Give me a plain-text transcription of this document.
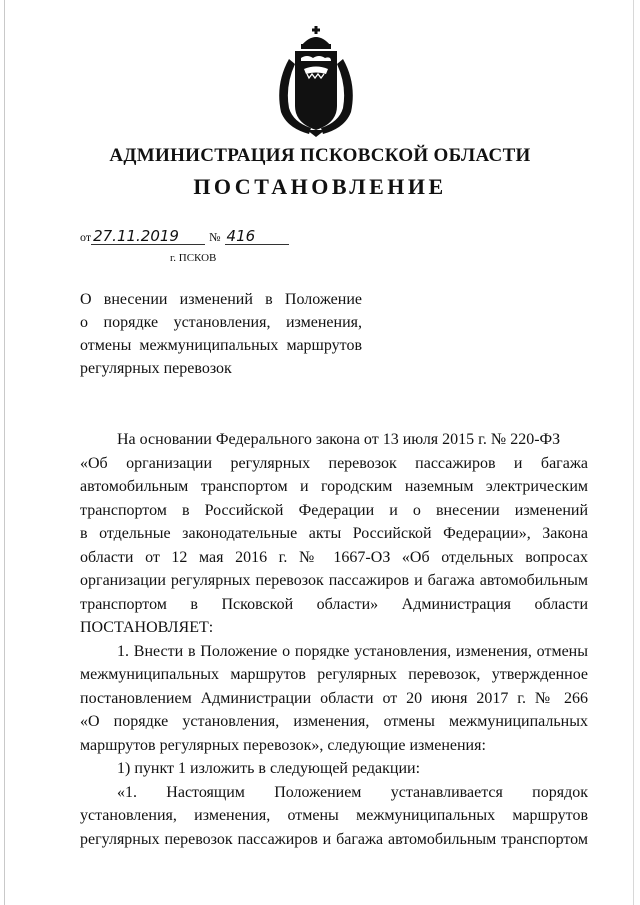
АДМИНИСТРАЦИЯ ПСКОВСКОЙ ОБЛАСТИ
ПОСТАНОВЛЕНИЕ
от 27.11.2019	№ 416
г. ПСКОВ
О внесении изменений в Положение
о порядке установления, изменения,
отмены межмуниципальных маршрутов
регулярных перевозок
На основании Федерального закона от 13 июля 2015 г. № 220-ФЗ
«Об организации регулярных перевозок пассажиров и багажа
автомобильным транспортом и городским наземным электрическим
транспортом в Российской Федерации и о внесении изменений
в отдельные законодательные акты Российской Федерации», Закона
области от 12 мая 2016 г. № 1667-ОЗ «Об отдельных вопросах
организации регулярных перевозок пассажиров и багажа автомобильным
транспортом в Псковской области» Администрация области
ПОСТАНОВЛЯЕТ:
1. Внести в Положение о порядке установления, изменения, отмены
межмуниципальных маршрутов регулярных перевозок, утвержденное
постановлением Администрации области от 20 июня 2017 г. № 266
«О порядке установления, изменения, отмены межмуниципальных
маршрутов регулярных перевозок», следующие изменения:
1) пункт 1 изложить в следующей редакции:
«1. Настоящим Положением устанавливается порядок
установления, изменения, отмены межмуниципальных маршрутов
регулярных перевозок пассажиров и багажа автомобильным транспортом
